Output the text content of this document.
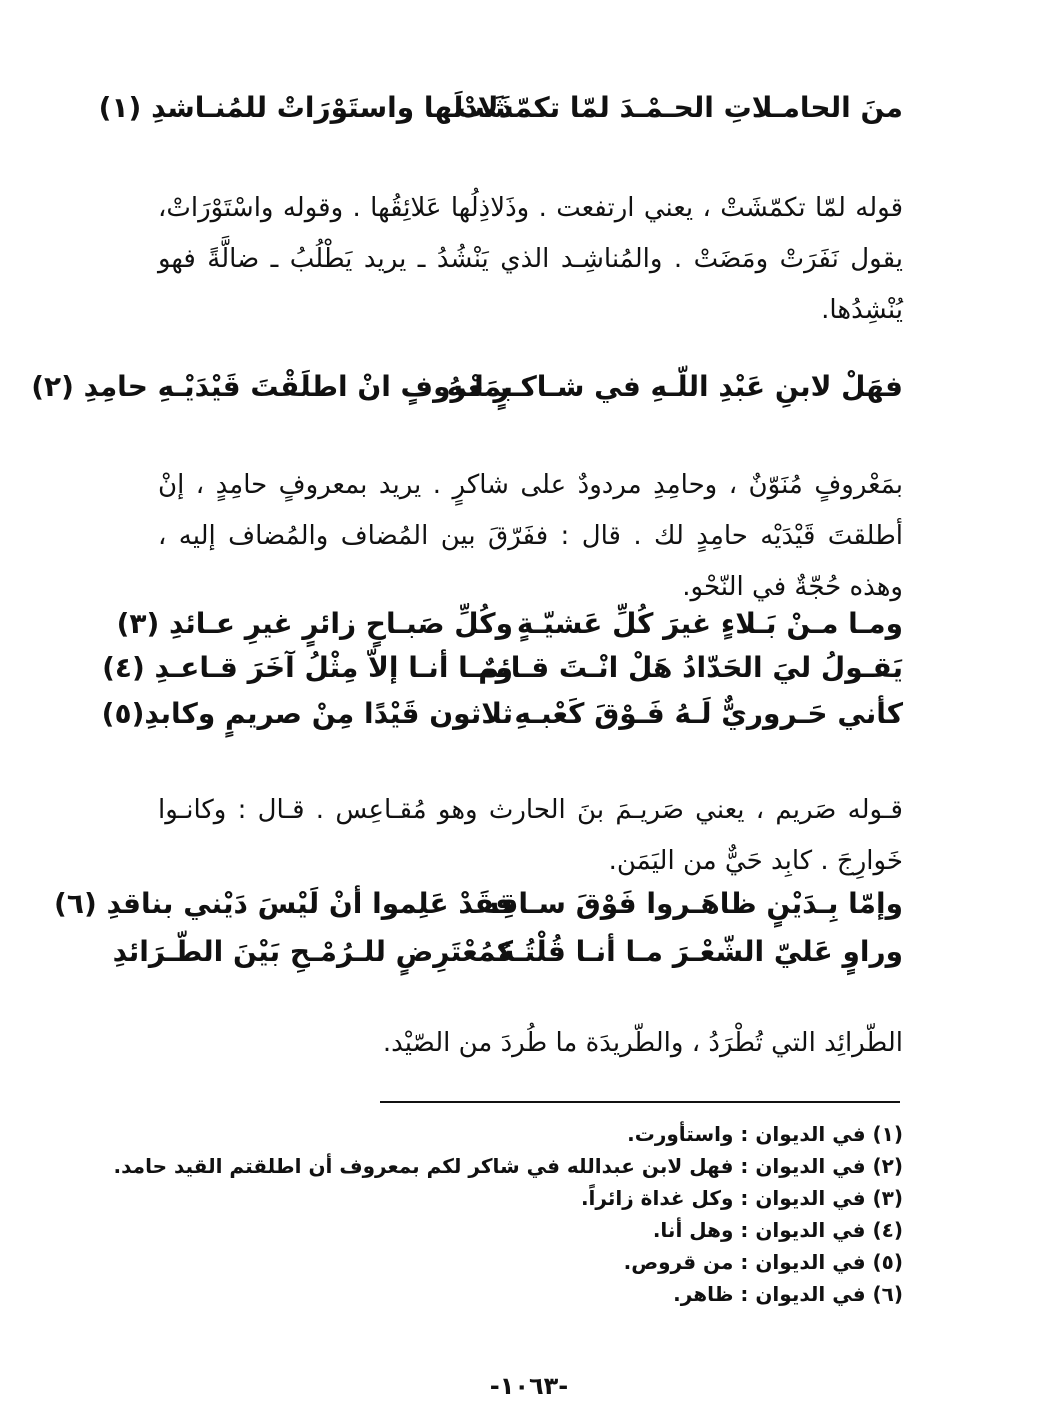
منَ الحامـلاتِ الحـمْـدَ لمّا تكمّشَتْ
ذَلاذلَها واستَوْرَاتْ للمُنـاشدِ (١)

قوله لمّا تكمّشَتْ ، يعني ارتفعت . وذَلاذِلُها عَلائِقُها . وقوله واسْتَوْرَاتْ، يقول نَفَرَتْ ومَضَتْ . والمُناشِـد الذي يَنْشُدُ ـ يريد يَطْلُبُ ـ ضالَّةً فهو يُنْشِدُها.

فهَلْ لابنِ عَبْدِ اللّـهِ في شـاكـرٍ لـهُ
بمَعْروفٍ انْ اطلَقْتَ قَيْدَيْـهِ حامِدِ (٢)

بمَعْروفٍ مُنَوّنٌ ، وحامِدِ مردودٌ على شاكرٍ . يريد بمعروفٍ حامِدٍ ، إنْ أطلقتَ قَيْدَيْه حامِدٍ لك . قال : ففَرّقَ بين المُضاف والمُضاف إليه ، وهذه حُجّةٌ في النّحْو.

ومـا مـنْ بَـلاءٍ غيرَ كُلِّ عَشيّـةٍ
وكُلِّ صَبـاحٍ زائرٍ غيرِ عـائدِ (٣)
يَقـولُ ليَ الحَدّادُ هَلْ انْـتَ قـائمٌ
ومـا أنـا إلاّ مِثْلُ آخَرَ قـاعـدِ (٤)
كأني حَـروريٌّ لَـهُ فَـوْقَ كَعْبـهِ
ثلاثون قَيْدًا مِنْ صريمٍ وكابدِ(٥)

قـوله صَريم ، يعني صَريـمَ بنَ الحارث وهو مُقـاعِس . قـال : وكانـوا خَوارِجَ . كابِد حَيٌّ من اليَمَن.

وإمّا بِـدَيْنٍ ظاهَـروا فَوْقَ سـاقِه
فقَدْ عَلِموا أنْ لَيْسَ دَيْني بناقدِ (٦)
وراوٍ عَليّ الشّعْـرَ مـا أنـا قُلْتُـهُ
كمُعْتَرِضٍ للـرُمْـحِ بَيْنَ الطّـرَائدِ

الطّرائِد التي تُطْرَدُ ، والطّريدَة ما طُردَ من الصّيْد.

(١) في الديوان : واستأورت.
(٢) في الديوان : فهل لابن عبدالله في شاكر لكم بمعروف أن اطلقتم القيد حامد.
(٣) في الديوان : وكل غداة زائراً.
(٤) في الديوان : وهل أنا.
(٥) في الديوان : من قروص.
(٦) في الديوان : ظاهر.
-١٠٦٣-
